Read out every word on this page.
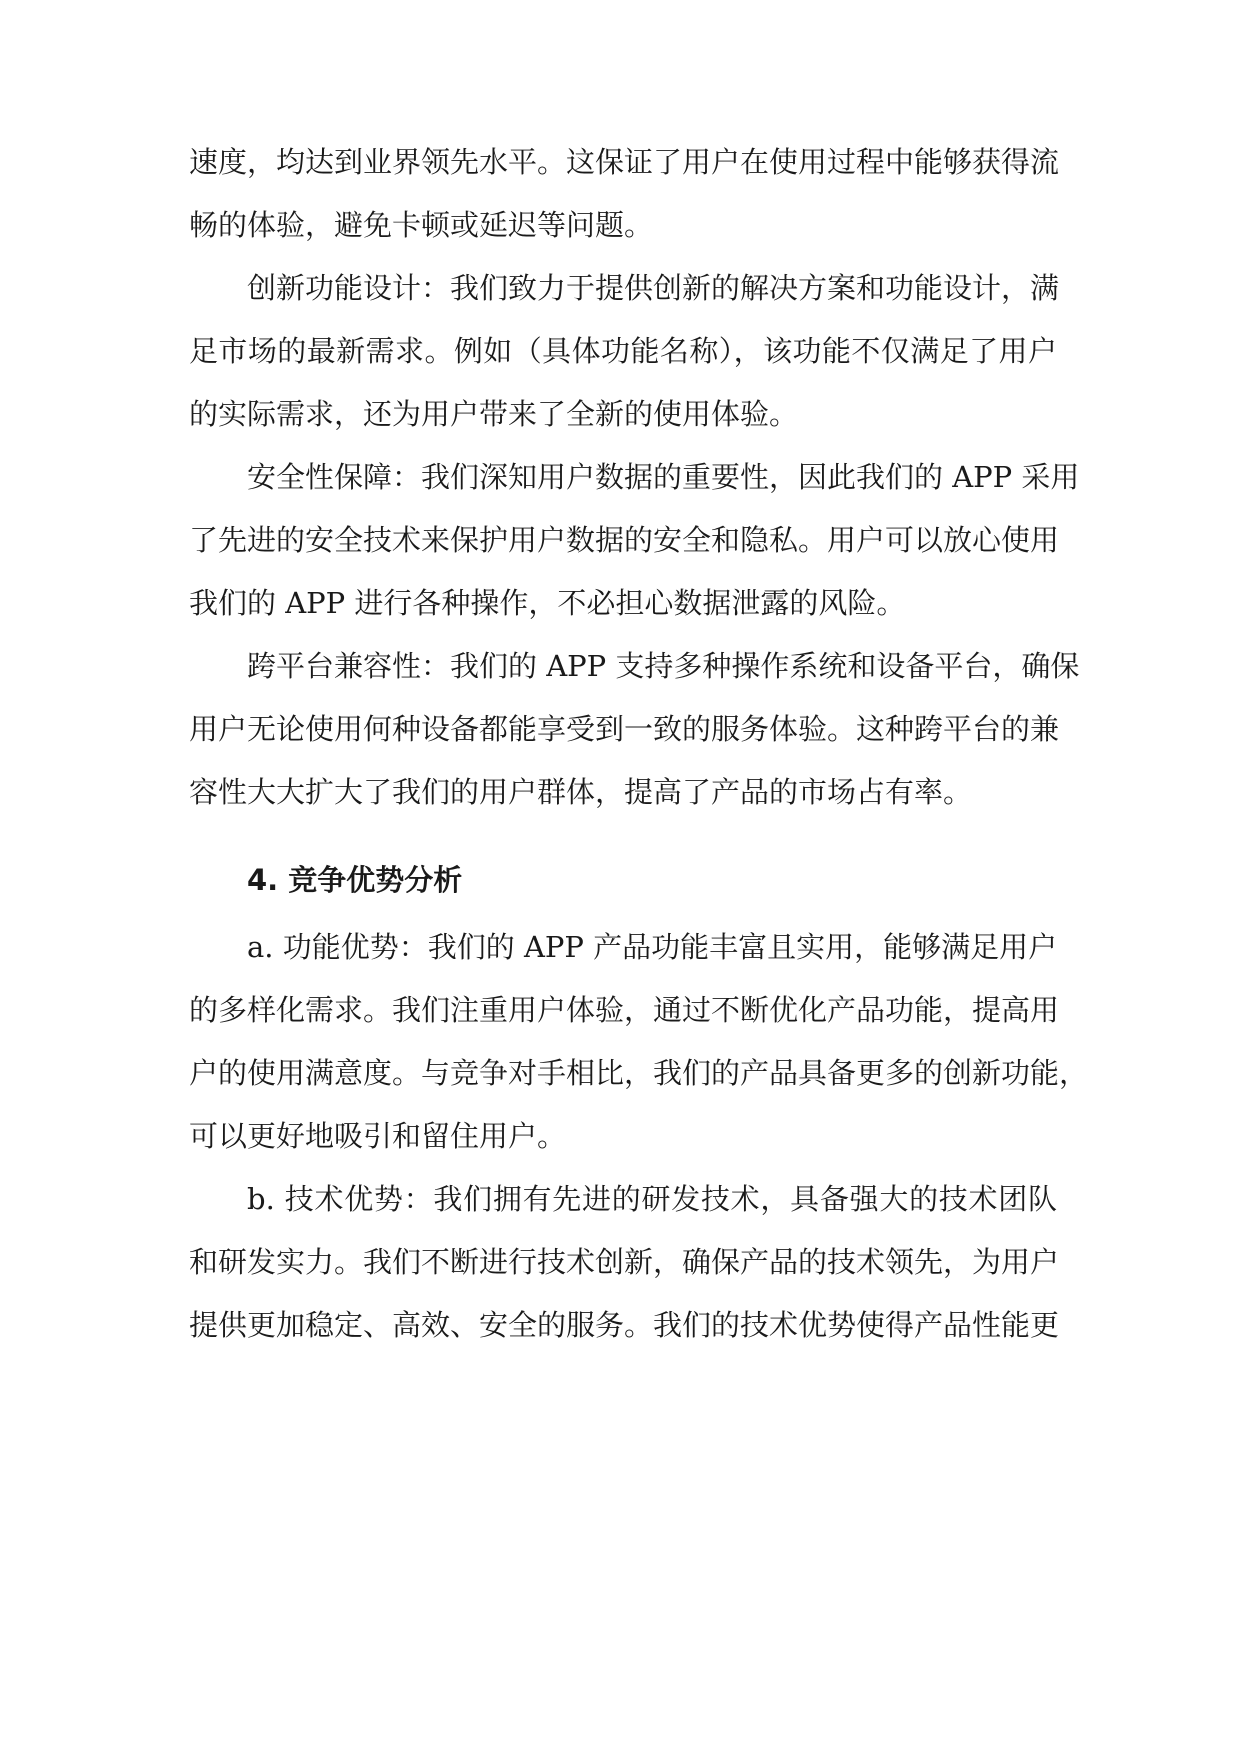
速度，均达到业界领先水平。这保证了用户在使用过程中能够获得流
畅的体验，避免卡顿或延迟等问题。
创新功能设计：我们致力于提供创新的解决方案和功能设计，满
足市场的最新需求。例如（具体功能名称），该功能不仅满足了用户
的实际需求，还为用户带来了全新的使用体验。
安全性保障：我们深知用户数据的重要性，因此我们的 APP 采用
了先进的安全技术来保护用户数据的安全和隐私。用户可以放心使用
我们的 APP 进行各种操作，不必担心数据泄露的风险。
跨平台兼容性：我们的 APP 支持多种操作系统和设备平台，确保
用户无论使用何种设备都能享受到一致的服务体验。这种跨平台的兼
容性大大扩大了我们的用户群体，提高了产品的市场占有率。
4. 竞争优势分析
a. 功能优势：我们的 APP 产品功能丰富且实用，能够满足用户
的多样化需求。我们注重用户体验，通过不断优化产品功能，提高用
户的使用满意度。与竞争对手相比，我们的产品具备更多的创新功能，
可以更好地吸引和留住用户。
b. 技术优势：我们拥有先进的研发技术，具备强大的技术团队
和研发实力。我们不断进行技术创新，确保产品的技术领先，为用户
提供更加稳定、高效、安全的服务。我们的技术优势使得产品性能更
